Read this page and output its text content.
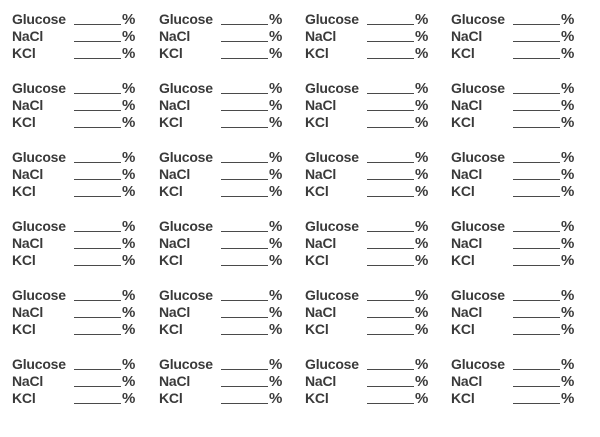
Glucose	%
NaCl	%
KCl	%
Glucose	%
NaCl	%
KCl	%
Glucose	%
NaCl	%
KCl	%
Glucose	%
NaCl	%
KCl	%
Glucose	%
NaCl	%
KCl	%
Glucose	%
NaCl	%
KCl	%
Glucose	%
NaCl	%
KCl	%
Glucose	%
NaCl	%
KCl	%
Glucose	%
NaCl	%
KCl	%
Glucose	%
NaCl	%
KCl	%
Glucose	%
NaCl	%
KCl	%
Glucose	%
NaCl	%
KCl	%
Glucose	%
NaCl	%
KCl	%
Glucose	%
NaCl	%
KCl	%
Glucose	%
NaCl	%
KCl	%
Glucose	%
NaCl	%
KCl	%
Glucose	%
NaCl	%
KCl	%
Glucose	%
NaCl	%
KCl	%
Glucose	%
NaCl	%
KCl	%
Glucose	%
NaCl	%
KCl	%
Glucose	%
NaCl	%
KCl	%
Glucose	%
NaCl	%
KCl	%
Glucose	%
NaCl	%
KCl	%
Glucose	%
NaCl	%
KCl	%
